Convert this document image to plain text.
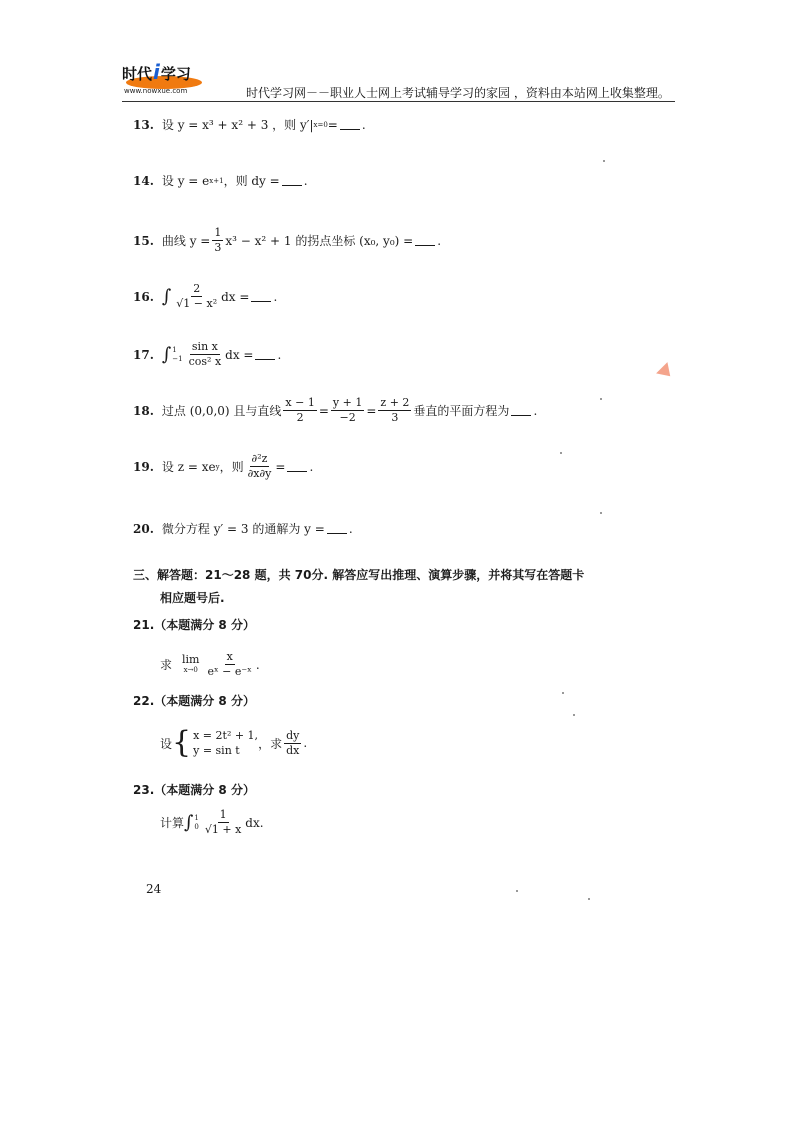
时代i学习
www.nowxue.com	时代学习网－－职业人士网上考试辅导学习的家园 ，资料由本站网上收集整理。
13. 设 y = x³ + x² + 3 ，则 y′| x=0 = .
14. 设 y = e x+1 ，则 dy = .
15. 曲线 $y = \frac{1}{3} x^3 - x^2 + 1$ 的拐点坐标 (x₀, y₀) = .
16. ∫ $\frac{2}{\text{√1 − x²}}$ dx = .
17. ∫ 1
$-1 \frac{\text{sin x}}{\text{cos² x}}$ dx = .
18. 过点 (0,0,0) 且与直线 $\frac{x - 1}{2} = \frac{y + 1}{-2} = \frac{z + 2}{3}$ 垂直的平面方程为 .
19. 设 z = xe y ，则 $\frac{\text{∂²z}}{\partial x\partial y}$ = .
20. 微分方程 y′ = 3 的通解为 y = .
三、解答题：21～28 题，共 70分. 解答应写出推理、演算步骤，并将其写在答题卡
相应题号后.
21.（本题满分 8 分）
求 lim
$x\to 0 \frac{x}{\text{eˣ − e⁻ˣ}}$ .
22.（本题满分 8 分）
设 { x = 2t² + 1,
y = sin t	，求 $\frac{dy}{dx}$ .
23.（本题满分 8 分）
计算 ∫ 1
$0 \frac{1}{√1 + x}$ dx.
24
